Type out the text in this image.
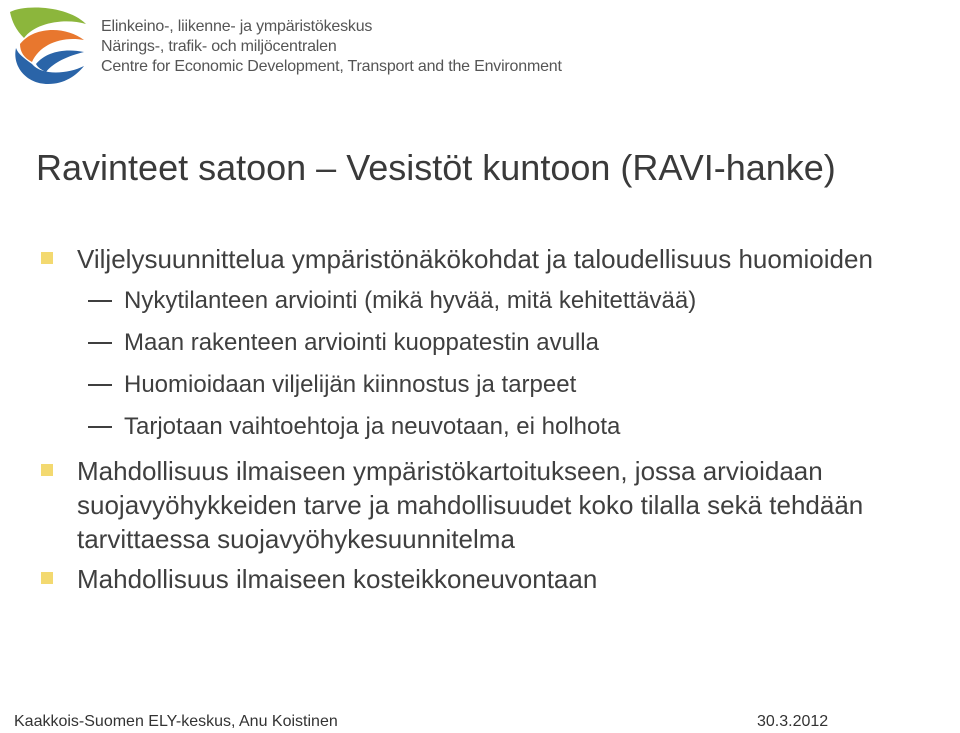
Elinkeino-, liikenne- ja ympäristökeskus
Närings-, trafik- och miljöcentralen
Centre for Economic Development, Transport and the Environment
Ravinteet satoon – Vesistöt kuntoon (RAVI-hanke)
Viljelysuunnittelua ympäristönäkökohdat ja taloudellisuus huomioiden
Nykytilanteen arviointi (mikä hyvää, mitä kehitettävää)
Maan rakenteen arviointi kuoppatestin avulla
Huomioidaan viljelijän kiinnostus ja tarpeet
Tarjotaan vaihtoehtoja ja neuvotaan, ei holhota
Mahdollisuus ilmaiseen ympäristökartoitukseen, jossa arvioidaan suojavyöhykkeiden tarve ja mahdollisuudet koko tilalla sekä tehdään tarvittaessa suojavyöhykesuunnitelma
Mahdollisuus ilmaiseen kosteikkoneuvontaan
Kaakkois-Suomen ELY-keskus, Anu Koistinen	30.3.2012
